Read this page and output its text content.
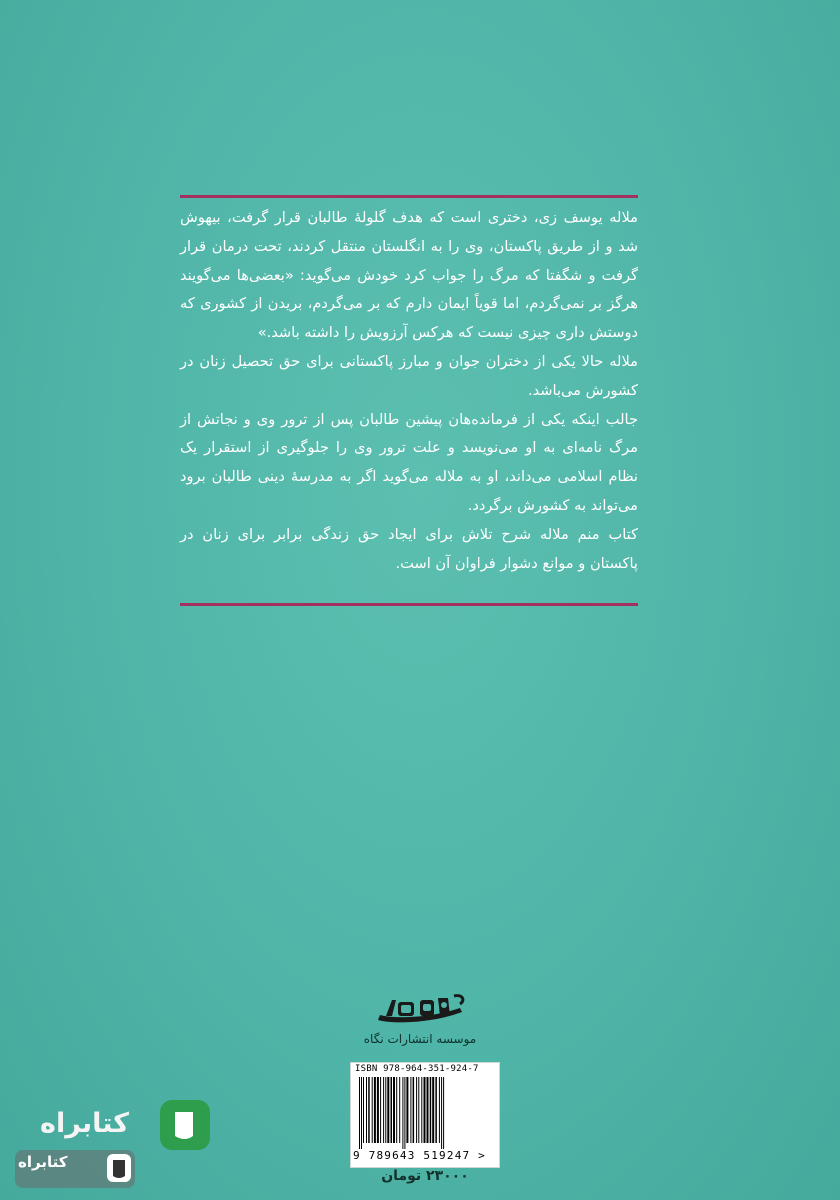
ملاله یوسف زی، دختری است که هدف گلولهٔ طالبان قرار گرفت، بیهوش شد و از طریق پاکستان، وی را به انگلستان منتقل کردند، تحت درمان قرار گرفت و شگفتا که مرگ را جواب کرد خودش می‌گوید: «بعضی‌ها می‌گویند هرگز بر نمی‌گردم، اما قویاً ایمان دارم که بر می‌گردم، بریدن از کشوری که دوستش داری چیزی نیست که هرکس آرزویش را داشته باشد.»

ملاله حالا یکی از دختران جوان و مبارز پاکستانی برای حق تحصیل زنان در کشورش می‌باشد.

جالب اینکه یکی از فرمانده‌هان پیشین طالبان پس از ترور وی و نجاتش از مرگ نامه‌ای به او می‌نویسد و علت ترور وی را جلوگیری از استقرار یک نظام اسلامی می‌داند، او به ملاله می‌گوید اگر به مدرسهٔ دینی طالبان برود می‌تواند به کشورش برگردد.

کتاب منم ملاله شرح تلاش برای ایجاد حق زندگی برابر برای زنان در پاکستان و موانع دشوار فراوان آن است.

موسسه انتشارات نگاه
ISBN 978-964-351-924-7
9 789643 519247 >
۲۳۰۰۰ تومان
کتابراه
کتابراه
